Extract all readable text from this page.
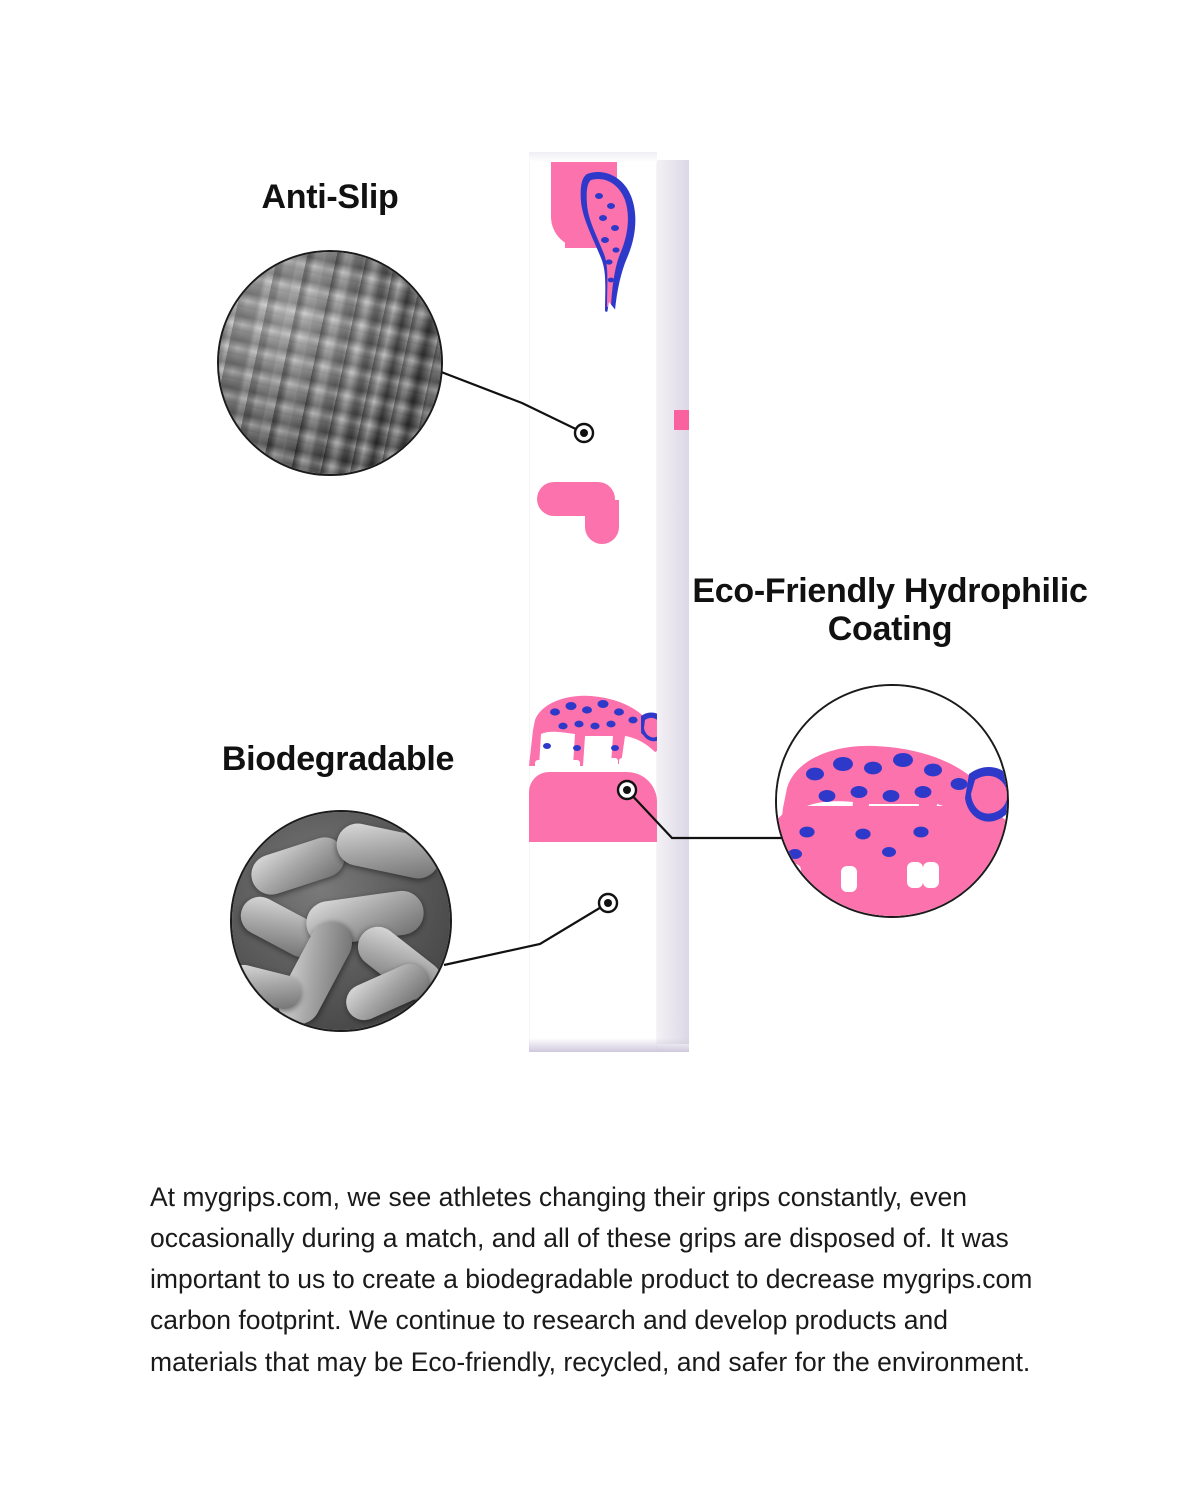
Anti-Slip
Biodegradable
Eco-Friendly Hydrophilic Coating

At mygrips.com, we see athletes changing their grips constantly, even occasionally during a match, and all of these grips are disposed of. It was important to us to create a biodegradable product to decrease mygrips.com carbon footprint. We continue to research and develop products and materials that may be Eco-friendly, recycled, and safer for the environment.
